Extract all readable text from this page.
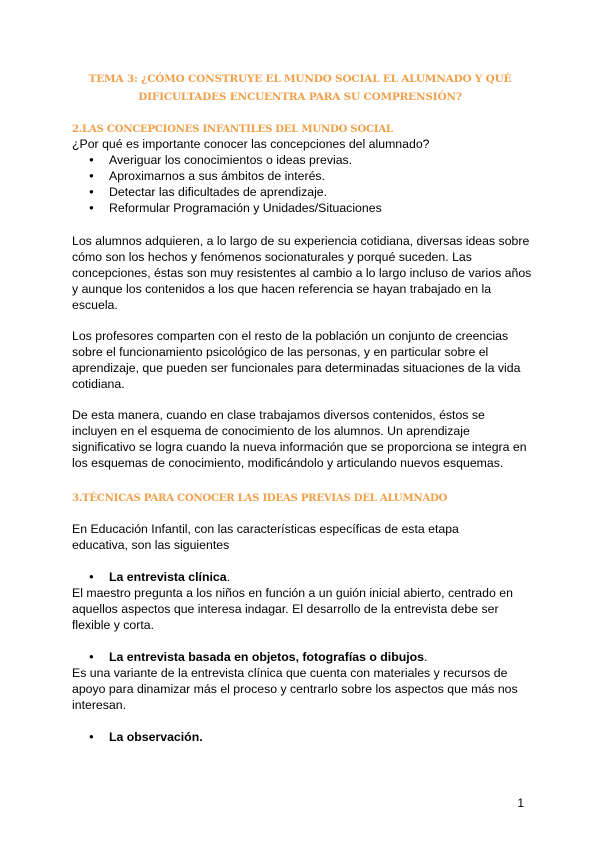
TEMA 3: ¿CÓMO CONSTRUYE EL MUNDO SOCIAL EL ALUMNADO Y QUÉ
DIFICULTADES ENCUENTRA PARA SU COMPRENSIÓN?
2.LAS CONCEPCIONES INFANTILES DEL MUNDO SOCIAL
¿Por qué es importante conocer las concepciones del alumnado?
● Averiguar los conocimientos o ideas previas.
● Aproximarnos a sus ámbitos de interés.
● Detectar las dificultades de aprendizaje.
● Reformular Programación y Unidades/Situaciones
Los alumnos adquieren, a lo largo de su experiencia cotidiana, diversas ideas sobre cómo son los hechos y fenómenos socionaturales y porqué suceden. Las concepciones, éstas son muy resistentes al cambio a lo largo incluso de varios años y aunque los contenidos a los que hacen referencia se hayan trabajado en la escuela.
Los profesores comparten con el resto de la población un conjunto de creencias sobre el funcionamiento psicológico de las personas, y en particular sobre el aprendizaje, que pueden ser funcionales para determinadas situaciones de la vida cotidiana.
De esta manera, cuando en clase trabajamos diversos contenidos, éstos se incluyen en el esquema de conocimiento de los alumnos. Un aprendizaje significativo se logra cuando la nueva información que se proporciona se integra en los esquemas de conocimiento, modificándolo y articulando nuevos esquemas.
3.TÉCNICAS PARA CONOCER LAS IDEAS PREVIAS DEL ALUMNADO
En Educación Infantil, con las características específicas de esta etapa educativa, son las siguientes
● La entrevista clínica.
El maestro pregunta a los niños en función a un guión inicial abierto, centrado en aquellos aspectos que interesa indagar. El desarrollo de la entrevista debe ser flexible y corta.
● La entrevista basada en objetos, fotografías o dibujos.
Es una variante de la entrevista clínica que cuenta con materiales y recursos de apoyo para dinamizar más el proceso y centrarlo sobre los aspectos que más nos interesan.
● La observación.
1
